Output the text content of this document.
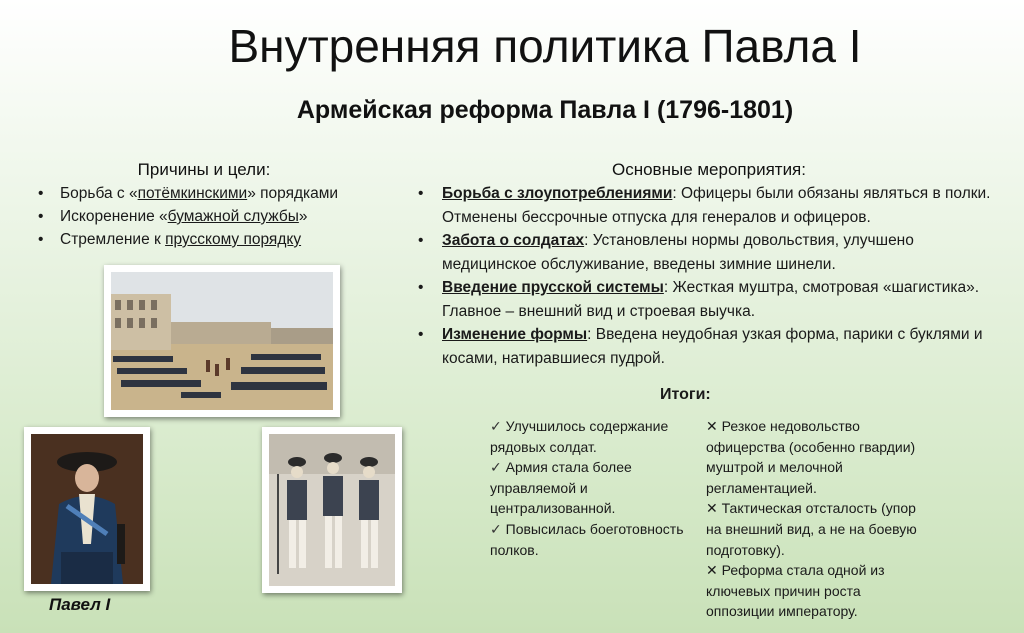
Внутренняя политика Павла I
Армейская реформа Павла I (1796-1801)
Причины и цели:
• Борьба с «потёмкинскими» порядками
• Искоренение «бумажной службы»
• Стремление к прусскому порядку
Основные мероприятия:
• Борьба с злоупотреблениями: Офицеры были обязаны являться в полки. Отменены бессрочные отпуска для генералов и офицеров.
• Забота о солдатах: Установлены нормы довольствия, улучшено медицинское обслуживание, введены зимние шинели.
• Введение прусской системы: Жесткая муштра, смотровая «шагистика». Главное – внешний вид и строевая выучка.
• Изменение формы: Введена неудобная узкая форма, парики с буклями и косами, натиравшиеся пудрой.
Павел I
Итоги:

✓ Улучшилось содержание рядовых солдат.

✓ Армия стала более управляемой и централизованной.

✓ Повысилась боеготовность полков.

✕ Резкое недовольство офицерства (особенно гвардии) муштрой и мелочной регламентацией.

✕ Тактическая отсталость (упор на внешний вид, а не на боевую подготовку).

✕ Реформа стала одной из ключевых причин роста оппозиции императору.
